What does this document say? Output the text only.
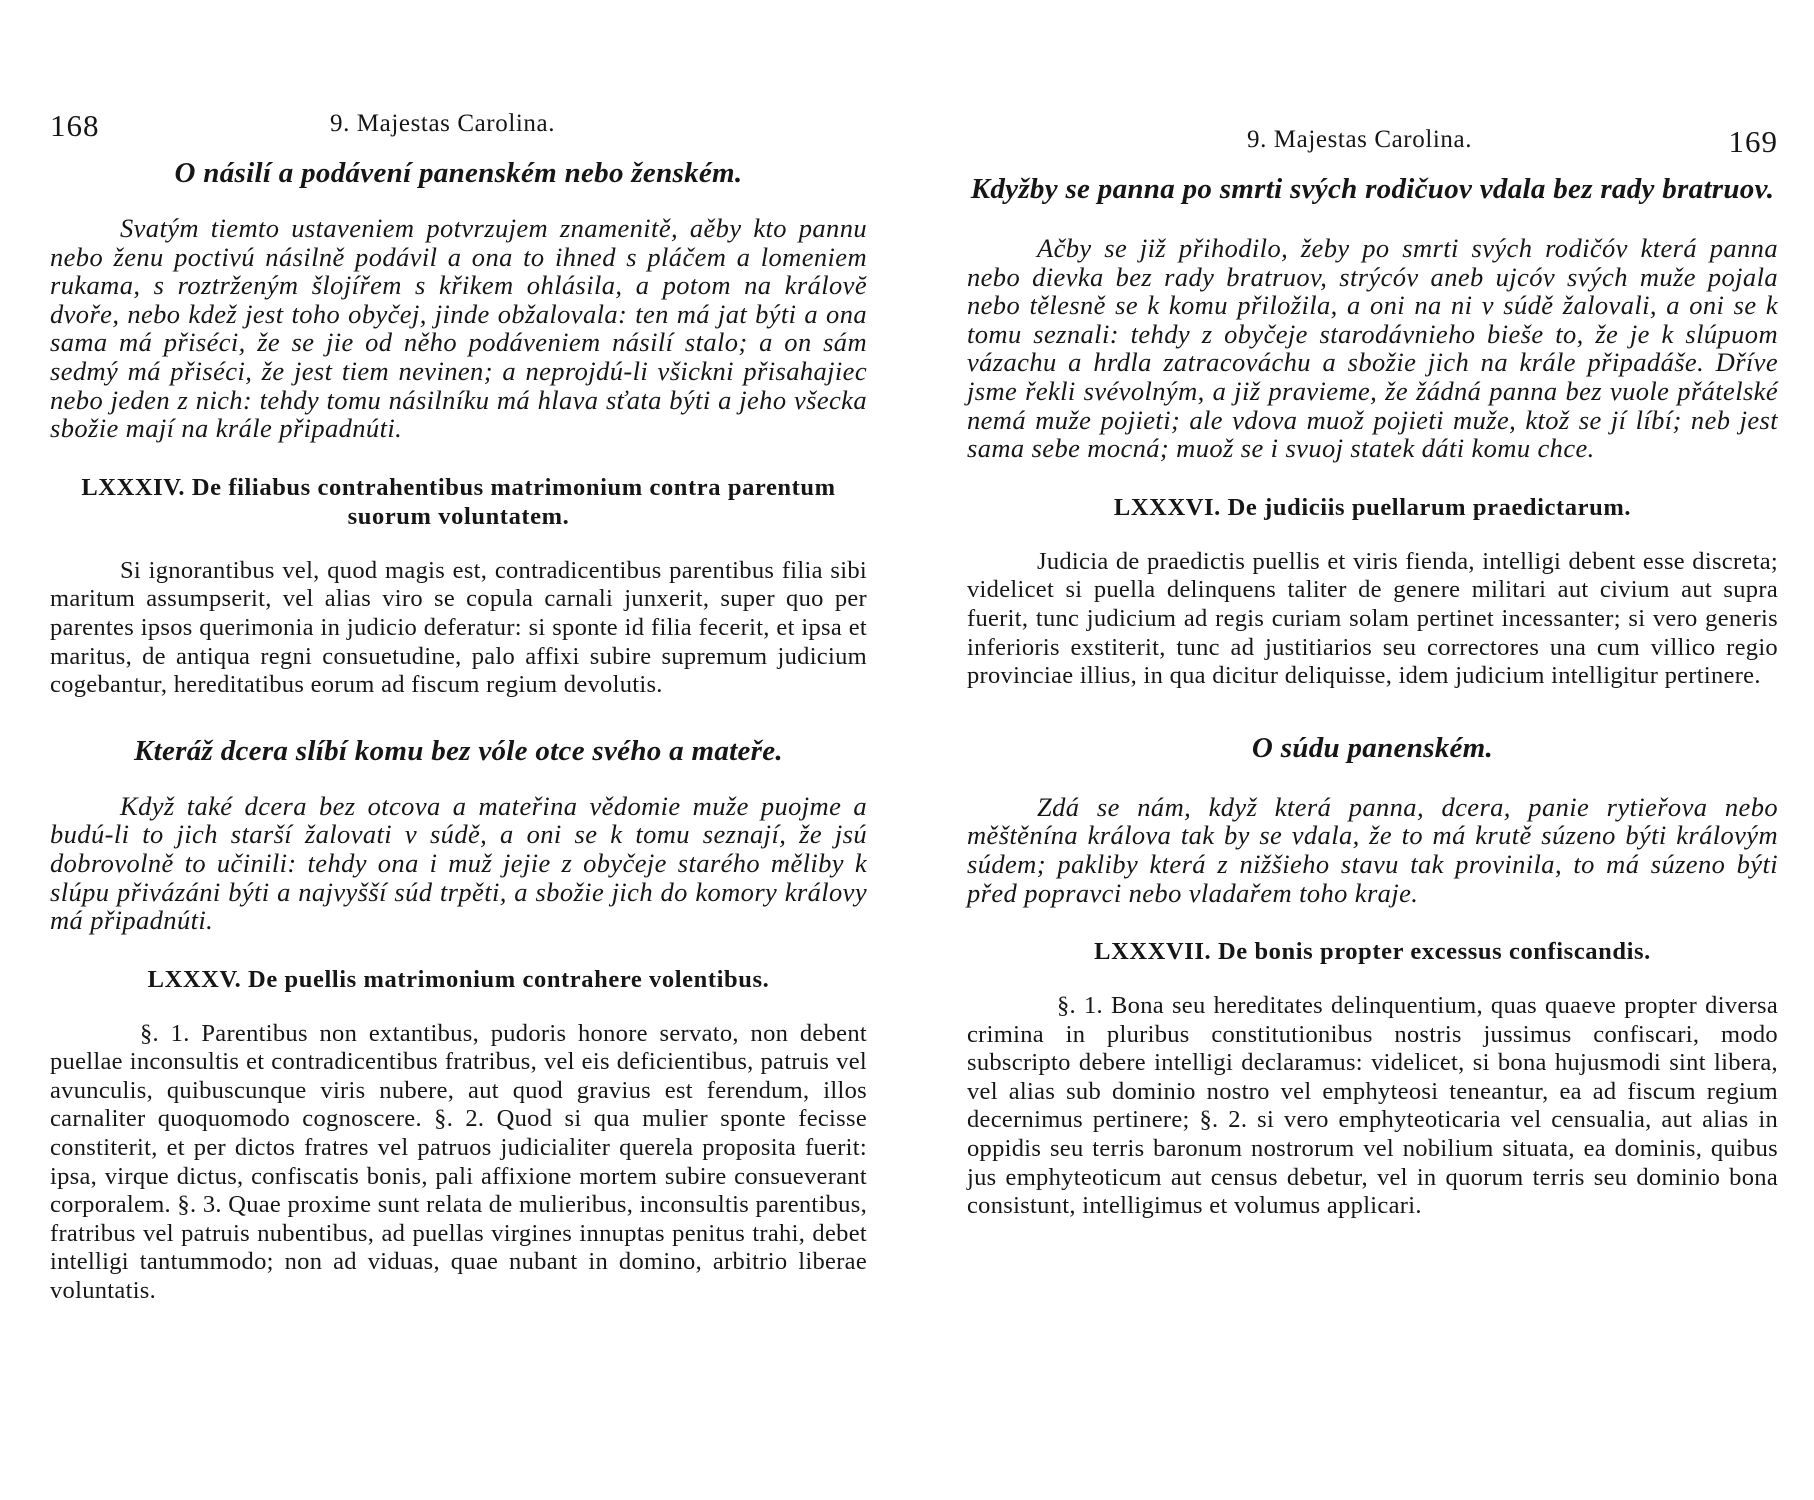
168	9. Majestas Carolina.
O násilí a podávení panenském nebo ženském.

Svatým tiemto ustaveniem potvrzujem znamenitě, aěby kto pannu nebo ženu poctivú násilně podávil a ona to ihned s pláčem a lomeniem rukama, s roztrženým šlojířem s křikem ohlásila, a potom na královĕ dvoře, nebo kdež jest toho obyčej, jinde obžalovala: ten má jat býti a ona sama má přiséci, že se jie od něho podáveniem násilí stalo; a on sám sedmý má přiséci, že jest tiem nevinen; a neprojdú-li všickni přisahajiec nebo jeden z nich: tehdy tomu násilníku má hlava sťata býti a jeho všecka sbožie mají na krále připadnúti.

LXXXIV. De filiabus contrahentibus matrimonium contra parentum suorum voluntatem.

Si ignorantibus vel, quod magis est, contradicentibus parentibus filia sibi maritum assumpserit, vel alias viro se copula carnali junxerit, super quo per parentes ipsos querimonia in judicio deferatur: si sponte id filia fecerit, et ipsa et maritus, de antiqua regni consuetudine, palo affixi subire supremum judicium cogebantur, hereditatibus eorum ad fiscum regium devolutis.

Kteráž dcera slíbí komu bez vóle otce svého a mateře.

Když také dcera bez otcova a mateřina vědomie muže puojme a budú-li to jich starší žalovati v súdě, a oni se k tomu seznají, že jsú dobrovolně to učinili: tehdy ona i muž jejie z obyčeje starého měliby k slúpu přivázáni býti a najvyšší súd trpěti, a sbožie jich do komory královy má připadnúti.

LXXXV. De puellis matrimonium contrahere volentibus.

§. 1. Parentibus non extantibus, pudoris honore servato, non debent puellae inconsultis et contradicentibus fratribus, vel eis deficientibus, patruis vel avunculis, quibuscunque viris nubere, aut quod gravius est ferendum, illos carnaliter quoquomodo cognoscere. §. 2. Quod si qua mulier sponte fecisse constiterit, et per dictos fratres vel patruos judicialiter querela proposita fuerit: ipsa, virque dictus, confiscatis bonis, pali affixione mortem subire consueverant corporalem. §. 3. Quae proxime sunt relata de mulieribus, inconsultis parentibus, fratribus vel patruis nubentibus, ad puellas virgines innuptas penitus trahi, debet intelligi tantummodo; non ad viduas, quae nubant in domino, arbitrio liberae voluntatis.

9. Majestas Carolina.	169
Kdyžby se panna po smrti svých rodičuov vdala bez rady bratruov.

Ačby se již přihodilo, žeby po smrti svých rodičóv která panna nebo dievka bez rady bratruov, strýcóv aneb ujcóv svých muže pojala nebo tělesně se k komu přiložila, a oni na ni v súdě žalovali, a oni se k tomu seznali: tehdy z obyčeje starodávnieho bieše to, že je k slúpuom vázachu a hrdla zatracováchu a sbožie jich na krále připadáše. Dříve jsme řekli svévolným, a již pravieme, že žádná panna bez vuole přátelské nemá muže pojieti; ale vdova muož pojieti muže, ktož se jí líbí; neb jest sama sebe mocná; muož se i svuoj statek dáti komu chce.

LXXXVI. De judiciis puellarum praedictarum.

Judicia de praedictis puellis et viris fienda, intelligi debent esse discreta; videlicet si puella delinquens taliter de genere militari aut civium aut supra fuerit, tunc judicium ad regis curiam solam pertinet incessanter; si vero generis inferioris exstiterit, tunc ad justitiarios seu correctores una cum villico regio provinciae illius, in qua dicitur deliquisse, idem judicium intelligitur pertinere.

O súdu panenském.

Zdá se nám, když která panna, dcera, panie rytieřova nebo měštěnína králova tak by se vdala, že to má krutě súzeno býti královým súdem; pakliby která z nižšieho stavu tak provinila, to má súzeno býti před popravci nebo vladařem toho kraje.

LXXXVII. De bonis propter excessus confiscandis.

§. 1. Bona seu hereditates delinquentium, quas quaevе propter diversa crimina in pluribus constitutionibus nostris jussimus confiscari, modo subscripto debere intelligi declaramus: videlicet, si bona hujusmodi sint libera, vel alias sub dominio nostro vel emphyteosi teneantur, ea ad fiscum regium decernimus pertinere; §. 2. si vero emphyteoticaria vel censualia, aut alias in oppidis seu terris baronum nostrorum vel nobilium situata, ea dominis, quibus jus emphyteoticum aut census debetur, vel in quorum terris seu dominio bona consistunt, intelligimus et volumus applicari.
